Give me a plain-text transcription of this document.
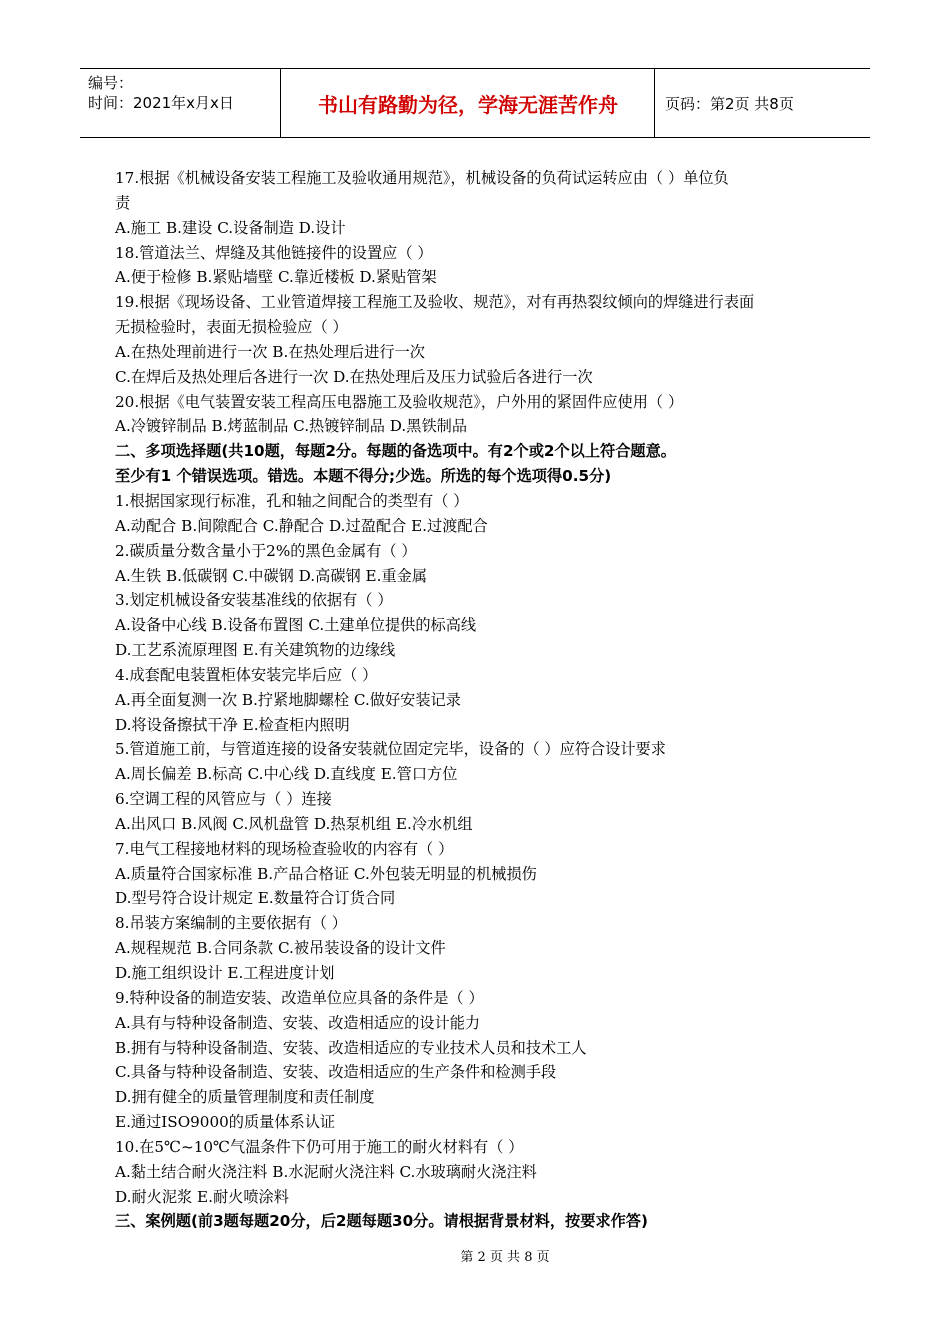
编号：
时间：2021年x月x日	书山有路勤为径，学海无涯苦作舟	页码：第2页 共8页
17.根据《机械设备安装工程施工及验收通用规范》，机械设备的负荷试运转应由（ ）单位负
责
A.施工 B.建设 C.设备制造 D.设计
18.管道法兰、焊缝及其他链接件的设置应（ ）
A.便于检修 B.紧贴墙壁 C.靠近楼板 D.紧贴管架
19.根据《现场设备、工业管道焊接工程施工及验收、规范》，对有再热裂纹倾向的焊缝进行表面
无损检验时，表面无损检验应（ ）
A.在热处理前进行一次 B.在热处理后进行一次
C.在焊后及热处理后各进行一次 D.在热处理后及压力试验后各进行一次
20.根据《电气装置安装工程高压电器施工及验收规范》，户外用的紧固件应使用（ ）
A.冷镀锌制品 B.烤蓝制品 C.热镀锌制品 D.黑铁制品
二、多项选择题(共10题，每题2分。每题的备选项中。有2个或2个以上符合题意。
至少有1 个错误选项。错选。本题不得分;少选。所选的每个选项得0.5分)
1.根据国家现行标准，孔和轴之间配合的类型有（ ）
A.动配合 B.间隙配合 C.静配合 D.过盈配合 E.过渡配合
2.碳质量分数含量小于2%的黑色金属有（ ）
A.生铁 B.低碳钢 C.中碳钢 D.高碳钢 E.重金属
3.划定机械设备安装基准线的依据有（ ）
A.设备中心线 B.设备布置图 C.土建单位提供的标高线
D.工艺系流原理图 E.有关建筑物的边缘线
4.成套配电装置柜体安装完毕后应（ ）
A.再全面复测一次 B.拧紧地脚螺栓 C.做好安装记录
D.将设备擦拭干净 E.检查柜内照明
5.管道施工前，与管道连接的设备安装就位固定完毕，设备的（ ）应符合设计要求
A.周长偏差 B.标高 C.中心线 D.直线度 E.管口方位
6.空调工程的风管应与（ ）连接
A.出风口 B.风阀 C.风机盘管 D.热泵机组 E.冷水机组
7.电气工程接地材料的现场检查验收的内容有（ ）
A.质量符合国家标准 B.产品合格证 C.外包装无明显的机械损伤
D.型号符合设计规定 E.数量符合订货合同
8.吊装方案编制的主要依据有（ ）
A.规程规范 B.合同条款 C.被吊装设备的设计文件
D.施工组织设计 E.工程进度计划
9.特种设备的制造安装、改造单位应具备的条件是（ ）
A.具有与特种设备制造、安装、改造相适应的设计能力
B.拥有与特种设备制造、安装、改造相适应的专业技术人员和技术工人
C.具备与特种设备制造、安装、改造相适应的生产条件和检测手段
D.拥有健全的质量管理制度和责任制度
E.通过ISO9000的质量体系认证
10.在5℃~10℃气温条件下仍可用于施工的耐火材料有（ ）
A.黏土结合耐火浇注料 B.水泥耐火浇注料 C.水玻璃耐火浇注料
D.耐火泥浆 E.耐火喷涂料
三、案例题(前3题每题20分，后2题每题30分。请根据背景材料，按要求作答)
第 2 页 共 8 页
